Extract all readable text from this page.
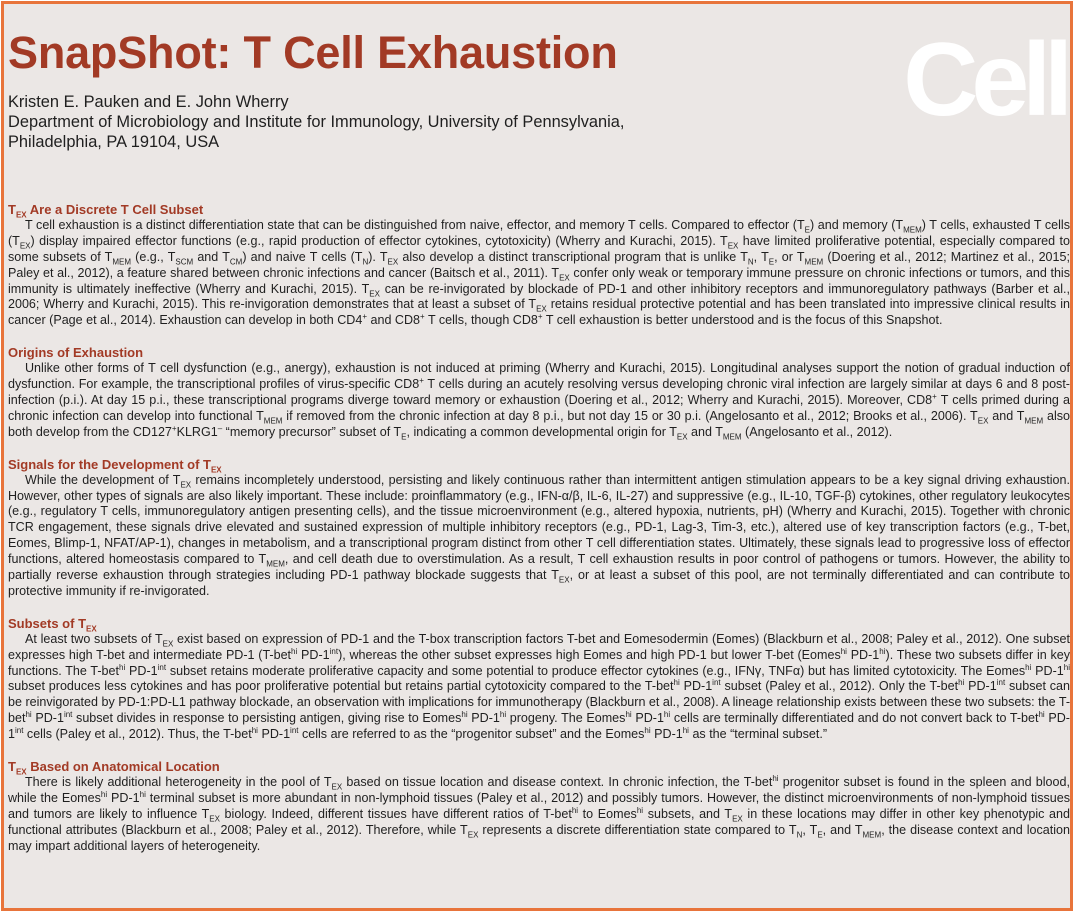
SnapShot: T Cell Exhaustion	Cell
Kristen E. Pauken and E. John Wherry
Department of Microbiology and Institute for Immunology, University of Pennsylvania,
Philadelphia, PA 19104, USA
$T_{EX}$ Are a Discrete T Cell Subset

T cell exhaustion is a distinct differentiation state that can be distinguished from naive, effector, and memory T cells. Compared to effector $(T_E)$ and memory $(T_{MEM})$ T cells, exhausted T cells $(T_{EX})$ display impaired effector functions (e.g., rapid production of effector cytokines, cytotoxicity) (Wherry and Kurachi, 2015). $T_{EX}$ have limited proliferative potential, especially compared to some subsets of $T_{MEM}$ (e.g., $T_{SCM}$ and $T_{CM}$) and naive T cells $(T_N)$. $T_{EX}$ also develop a distinct transcriptional program that is unlike $T_N$, $T_E$, or $T_{MEM}$ (Doering et al., 2012; Martinez et al., 2015; Paley et al., 2012), a feature shared between chronic infections and cancer (Baitsch et al., 2011). $T_{EX}$ confer only weak or temporary immune pressure on chronic infections or tumors, and this immunity is ultimately ineffective (Wherry and Kurachi, 2015). $T_{EX}$ can be re-invigorated by blockade of PD-1 and other inhibitory receptors and immunoregulatory pathways (Barber et al., 2006; Wherry and Kurachi, 2015). This re-invigoration demonstrates that at least a subset of $T_{EX}$ retains residual protective potential and has been translated into impressive clinical results in cancer (Page et al., 2014). Exhaustion can develop in both CD4+ and CD8+ T cells, though CD8+ T cell exhaustion is better understood and is the focus of this Snapshot.

Origins of Exhaustion

Unlike other forms of T cell dysfunction (e.g., anergy), exhaustion is not induced at priming (Wherry and Kurachi, 2015). Longitudinal analyses support the notion of gradual induction of dysfunction. For example, the transcriptional profiles of virus-specific CD8+ T cells during an acutely resolving versus developing chronic viral infection are largely similar at days 6 and 8 post-infection (p.i.). At day 15 p.i., these transcriptional programs diverge toward memory or exhaustion (Doering et al., 2012; Wherry and Kurachi, 2015). Moreover, CD8+ T cells primed during a chronic infection can develop into functional $T_{MEM}$ if removed from the chronic infection at day 8 p.i., but not day 15 or 30 p.i. (Angelosanto et al., 2012; Brooks et al., 2006). $T_{EX}$ and $T_{MEM}$ also both develop from the CD127+KLRG1– “memory precursor” subset of $T_E$, indicating a common developmental origin for $T_{EX}$ and $T_{MEM}$ (Angelosanto et al., 2012).

Signals for the Development of $T_{EX}$

While the development of $T_{EX}$ remains incompletely understood, persisting and likely continuous rather than intermittent antigen stimulation appears to be a key signal driving exhaustion. However, other types of signals are also likely important. These include: proinflammatory (e.g., IFN-α/β, IL-6, IL-27) and suppressive (e.g., IL-10, TGF-β) cytokines, other regulatory leukocytes (e.g., regulatory T cells, immunoregulatory antigen presenting cells), and the tissue microenvironment (e.g., altered hypoxia, nutrients, pH) (Wherry and Kurachi, 2015). Together with chronic TCR engagement, these signals drive elevated and sustained expression of multiple inhibitory receptors (e.g., PD-1, Lag-3, Tim-3, etc.), altered use of key transcription factors (e.g., T-bet, Eomes, Blimp-1, NFAT/AP-1), changes in metabolism, and a transcriptional program distinct from other T cell differentiation states. Ultimately, these signals lead to progressive loss of effector functions, altered homeostasis compared to $T_{MEM}$, and cell death due to overstimulation. As a result, T cell exhaustion results in poor control of pathogens or tumors. However, the ability to partially reverse exhaustion through strategies including PD-1 pathway blockade suggests that $T_{EX}$, or at least a subset of this pool, are not terminally differentiated and can contribute to protective immunity if re-invigorated.

Subsets of $T_{EX}$

At least two subsets of $T_{EX}$ exist based on expression of PD-1 and the T-box transcription factors T-bet and Eomesodermin (Eomes) (Blackburn et al., 2008; Paley et al., 2012). One subset expresses high T-bet and intermediate PD-1 (T-bet$^{hi}$ $PD-1^{int}$), whereas the other subset expresses high Eomes and high PD-1 but lower T-bet (Eomes$^{hi}$ $PD-1^{hi}$). These two subsets differ in key functions. The T-bet$^{hi}$ $PD-1^{int}$ subset retains moderate proliferative capacity and some potential to produce effector cytokines (e.g., IFNγ, TNFα) but has limited cytotoxicity. The Eomes$^{hi}$ $PD-1^{hi}$ subset produces less cytokines and has poor proliferative potential but retains partial cytotoxicity compared to the T-bet$^{hi}$ $PD-1^{int}$ subset (Paley et al., 2012). Only the T-bet$^{hi}$ $PD-1^{int}$ subset can be reinvigorated by PD-1:PD-L1 pathway blockade, an observation with implications for immunotherapy (Blackburn et al., 2008). A lineage relationship exists between these two subsets: the T-bet$^{hi}$ $PD-1^{int}$ subset divides in response to persisting antigen, giving rise to Eomes$^{hi}$ $PD-1^{hi}$ progeny. The Eomes$^{hi}$ $PD-1^{hi}$ cells are terminally differentiated and do not convert back to T-bet$^{hi}$ $PD-1^{int}$ cells (Paley et al., 2012). Thus, the T-bet$^{hi}$ $PD-1^{int}$ cells are referred to as the “progenitor subset” and the Eomes$^{hi}$ $PD-1^{hi}$ as the “terminal subset.”

$T_{EX}$ Based on Anatomical Location

There is likely additional heterogeneity in the pool of $T_{EX}$ based on tissue location and disease context. In chronic infection, the T-bet$^{hi}$ progenitor subset is found in the spleen and blood, while the Eomes$^{hi}$ $PD-1^{hi}$ terminal subset is more abundant in non-lymphoid tissues (Paley et al., 2012) and possibly tumors. However, the distinct microenvironments of non-lymphoid tissues and tumors are likely to influence $T_{EX}$ biology. Indeed, different tissues have different ratios of T-bet$^{hi}$ to Eomes$^{hi}$ subsets, and $T_{EX}$ in these locations may differ in other key phenotypic and functional attributes (Blackburn et al., 2008; Paley et al., 2012). Therefore, while $T_{EX}$ represents a discrete differentiation state compared to $T_N$, $T_E$, and $T_{MEM}$, the disease context and location may impart additional layers of heterogeneity.
